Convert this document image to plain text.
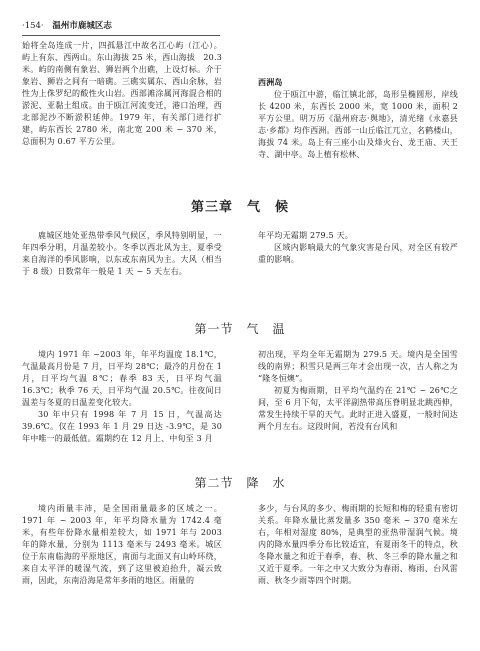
·154· 温州市鹿城区志

始将全岛连成一片，四孤悬江中故名江心屿（江心）。屿上有东、西两山。东山海拔 25 米，西山海拔　20.3 米。屿的南侧有象岩、狮岩两个出礁，上设灯标。介于象岩、狮岩之间有一暗礁。三礁实属东、西山余脉，岩性为上侏罗纪的酸性火山岩。西部滩涂属河海混合相的淤泥、亚黏土组成。由于瓯江河流变迁，港口治理，西北部泥沙不断淤积延伸。1979 年，有关部门进行扩建，屿东西长 2780 米，南北宽 200 米 ~ 370 米，总面积为 0.67 平方公里。

西洲岛

位于瓯江中游，临江镇北部，岛形呈椭圆形，岸线长 4200 米，东西长 2000 米，宽 1000 米，面积 2 平方公里。明万历《温州府志·舆地》，清光绪《永嘉县志·乡都》均作西洲。西部一山丘临江兀立，名鹤楼山，海拔 74 米。岛上有三座小山及烽火台、龙王庙、天王寺、湖中亭。岛上植有松林、

第三章　气　候

鹿城区地处亚热带季风气候区，季风特别明显，一年四季分明，月温差较小。冬季以西北风为主，夏季受来自海洋的季风影响，以东或东南风为主。大风（相当于 8 级）日数常年一般是 1 天 ~ 5 天左右。

年平均无霜期 279.5 天。

区域内影响最大的气象灾害是台风，对全区有较严重的影响。

第一节　气　温

境内 1971 年 ~2003 年，年平均温度 18.1℃，气温最高月份是 7 月，日平均 28℃；最冷的月份在 1 月，日平均气温 8℃；春季 83 天，日平均气温 16.3℃；秋季 76 天，日平均气温 20.5℃。往夜间日温差与冬夏的日温差变化较大。

30 年中只有 1998 年 7 月 15 日，气温高达 39.6℃。仅在 1993 年 1 月 29 日达 -3.9℃，是 30 年中唯一的最低值。霜期约在 12 月上、中旬至 3 月

初出现，平均全年无霜期为 279.5 天。境内是全国雪线的南界；积雪只是两三年才会出现一次，古人称之为 “隆冬恒燠”。

初夏为梅雨期，日平均气温约在 21℃ ~ 26℃之间，至 6 月下旬，太平洋副热带高压脊明显北跳西伸，常发生持续干旱的天气。此时正进入盛夏，一般时间达两个月左右。这段时间，若没有台风和

第二节　降　水

境内雨量丰沛，是全国雨量最多的区域之一。1971 年 ~ 2003 年，年平均降水量为 1742.4 毫米，有些年份降水量相差较大，如 1971 年与 2003 年的降水量，分别为 1113 毫米与 2493 毫米。城区位于东南临海的平原地区，南面与北面又有山岭环绕，来自太平洋的暖湿气流，到了这里被迫抬升，凝云致雨，因此，东南沿海是常年多雨的地区。雨量的

多少，与台风的多少、梅雨期的长短和梅的轻重有密切关系。年降水量比蒸发量多 350 毫米 ~ 370 毫米左右，年相对湿度 80%，是典型的亚热带湿润气候。境内的降水量四季分布比较适宜，有夏雨冬干的特点，秋冬降水量之和近于春季，春、秋、冬三季的降水量之和又近于夏季。一年之中又大致分为春雨、梅雨、台风雷雨、秋冬少雨等四个时期。
